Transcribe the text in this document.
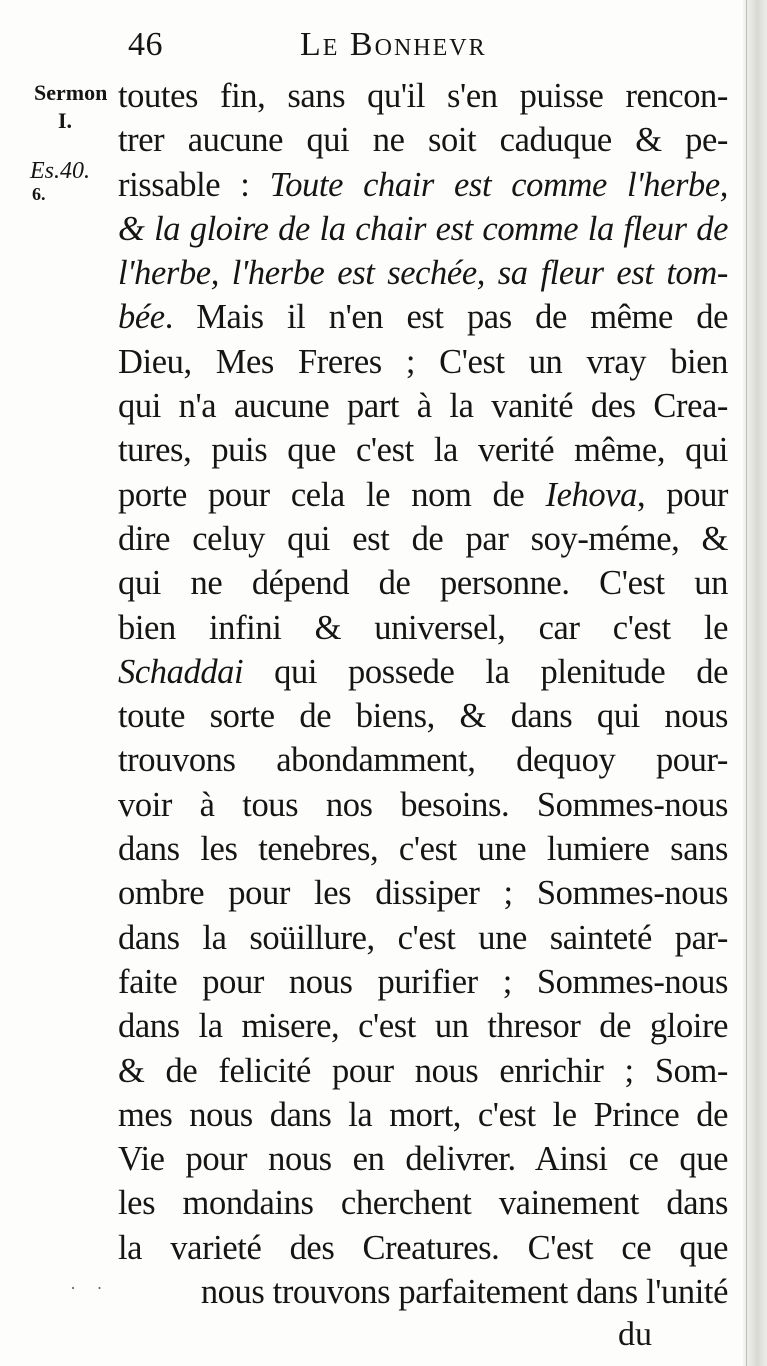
46	Le Bonhevr
Sermon
I.
Es.40.
6.
toutes fin, sans qu'il s'en puisse rencon-
trer aucune qui ne soit caduque & pe-
rissable : Toute chair est comme l'herbe,
& la gloire de la chair est comme la fleur de
l'herbe, l'herbe est sechée, sa fleur est tom-
bée. Mais il n'en est pas de même de
Dieu, Mes Freres ; C'est un vray bien
qui n'a aucune part à la vanité des Crea-
tures, puis que c'est la verité même, qui
porte pour cela le nom de Iehova, pour
dire celuy qui est de par soy-méme, &
qui ne dépend de personne. C'est un
bien infini & universel, car c'est le
Schaddai qui possede la plenitude de
toute sorte de biens, & dans qui nous
trouvons abondamment, dequoy pour-
voir à tous nos besoins. Sommes-nous
dans les tenebres, c'est une lumiere sans
ombre pour les dissiper ; Sommes-nous
dans la soüillure, c'est une sainteté par-
faite pour nous purifier ; Sommes-nous
dans la misere, c'est un thresor de gloire
& de felicité pour nous enrichir ; Som-
mes nous dans la mort, c'est le Prince de
Vie pour nous en delivrer. Ainsi ce que
les mondains cherchent vainement dans
la varieté des Creatures. C'est ce que
nous trouvons parfaitement dans l'unité
· ·
du
